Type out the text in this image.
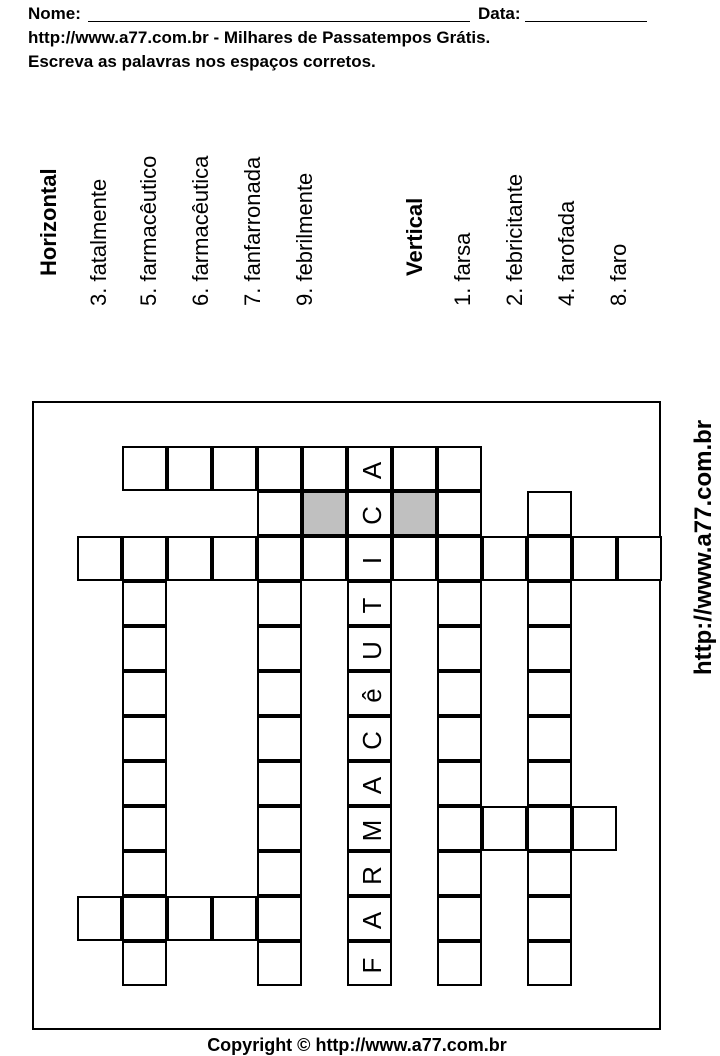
Nome:	Data:
http://www.a77.com.br - Milhares de Passatempos Grátis.
Escreva as palavras nos espaços corretos.
Horizontal 3. fatalmente 5. farmacêutico 6. farmacêutica 7. fanfarronada 9. febrilmente	Vertical 1. farsa 2. febricitante 4. farofada 8. faro
http://www.a77.com.br
A
C
I
T
U
ê
C
A
M
R
A
F
Copyright © http://www.a77.com.br
